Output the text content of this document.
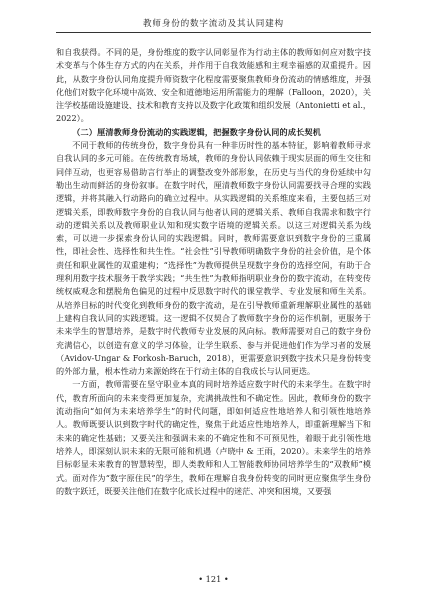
教师身份的数字流动及其认同建构

和自我获得。不同的是，身份维度的数字认同彰显作为行动主体的教师如何应对数字技术变革与个体生存方式的内在关系，并作用于自我效能感和主观幸福感的双重提升。因此，从数字身份认同角度提升师资数字化程度需要聚焦教师身份流动的情感维度，并强化他们对数字化环境中高效、安全和道德地运用所需能力的理解（Falloon，2020），关注学校基础设施建设、技术和教育支持以及数字化政策和组织发展（Antonietti et al.，2022）。

（二）厘清教师身份流动的实践逻辑，把握数字身份认同的成长契机

不同于教师的传统身份，数字身份具有一种非历时性的基本特征，影响着教师寻求自我认同的多元可能。在传统教育场域，教师的身份认同依赖于现实层面的师生交往和同伴互动，也更容易借助言行举止的调整改变外部形象，在历史与当代的身份延续中勾勒出生动而鲜活的身份叙事。在数字时代，厘清教师数字身份认同需要找寻合理的实践逻辑，并将其融入行动路向的确立过程中。从实践逻辑的关系维度来看，主要包括三对逻辑关系，即教师数字身份的自我认同与他者认同的逻辑关系、教师自我需求和数字行动的逻辑关系以及教师职业认知和现实数字语境的逻辑关系。以这三对逻辑关系为线索，可以进一步探索身份认同的实践逻辑。同时，教师需要意识到数字身份的三重属性，即社会性、选择性和共生性。“社会性”引导教师明确数字身份的社会价值，是个体责任和职业属性的双重建构；“选择性”为教师提供呈现数字身份的选择空间，有助于合理利用数字技术服务于教学实践；“共生性”为教师指明职业身份的数字流动，在转变传统权威观念和摆脱角色偏见的过程中反思数字时代的课堂教学、专业发展和师生关系。从培养目标的时代变化到教师身份的数字流动，是在引导教师重新理解职业属性的基础上建构自我认同的实践逻辑。这一逻辑不仅契合了教师数字身份的运作机制，更服务于未来学生的智慧培养，是数字时代教师专业发展的风向标。教师需要对自己的数字身份充满信心，以创造有意义的学习体验，让学生联系、参与并促进他们作为学习者的发展（Avidov-Ungar & Forkosh-Baruch，2018），更需要意识到数字技术只是身份转变的外部力量，根本性动力来源始终在于行动主体的自我成长与认同更迭。

一方面，教师需要在坚守职业本真的同时培养适应数字时代的未来学生。在数字时代，教育所面向的未来变得更加复杂，充满挑战性和不确定性。因此，教师身份的数字流动指向“如何为未来培养学生”的时代问题，即如何适应性地培养人和引领性地培养人。教师既要认识到数字时代的确定性，聚焦于此适应性地培养人，即重新理解当下和未来的确定性基础；又要关注和强调未来的不确定性和不可预见性，着眼于此引领性地培养人，即深刻认识未来的无限可能和机遇（卢晓中 & 王雨，2020）。未来学生的培养目标彰显未来教育的智慧转型，即人类教师和人工智能教师协同培养学生的“双教师”模式。面对作为“数字原住民”的学生，教师在理解自我身份转变的同时更应聚焦学生身份的数字跃迁，既要关注他们在数字化成长过程中的迷茫、冲突和困境，又要强

• 121 •
